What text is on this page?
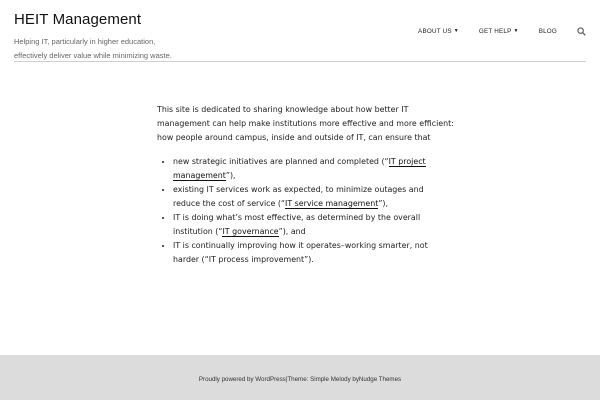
HEIT Management
Helping IT, particularly in higher education,
effectively deliver value while minimizing waste.
ABOUT US ▼	GET HELP ▼	BLOG

This site is dedicated to sharing knowledge about how better IT
management can help make institutions more effective and more efficient:
how people around campus, inside and outside of IT, can ensure that

• new strategic initiatives are planned and completed (“IT project
management”),
• existing IT services work as expected, to minimize outages and
reduce the cost of service (“IT service management”),
• IT is doing what’s most effective, as determined by the overall
institution (“IT governance”), and
• IT is continually improving how it operates–working smarter, not
harder (“IT process improvement”).
Proudly powered by WordPress|Theme: Simple Melody byNudge Themes
